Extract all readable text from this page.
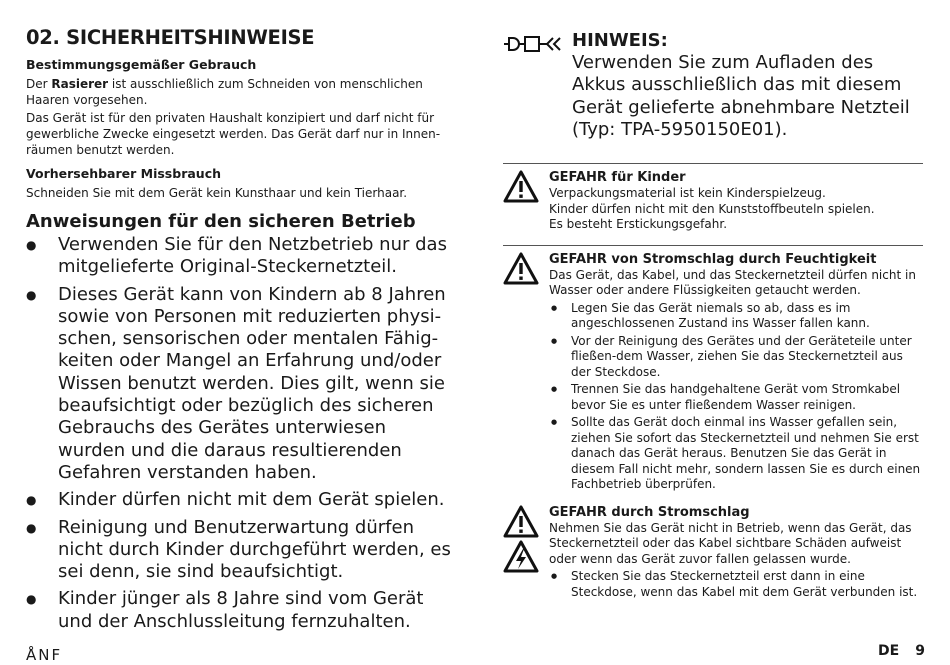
02. SICHERHEITSHINWEISE
Bestimmungsgemäßer Gebrauch
Der Rasierer ist ausschließlich zum Schneiden von menschlichen Haaren vorgesehen.
Das Gerät ist für den privaten Haushalt konzipiert und darf nicht für gewerbliche Zwecke eingesetzt werden. Das Gerät darf nur in Innen-räumen benutzt werden.
Vorhersehbarer Missbrauch
Schneiden Sie mit dem Gerät kein Kunsthaar und kein Tierhaar.
Anweisungen für den sicheren Betrieb
● Verwenden Sie für den Netzbetrieb nur das mitgelieferte Original-Steckernetzteil.
● Dieses Gerät kann von Kindern ab 8 Jahren sowie von Personen mit reduzierten physi-schen, sensorischen oder mentalen Fähig-keiten oder Mangel an Erfahrung und/oder Wissen benutzt werden. Dies gilt, wenn sie beaufsichtigt oder bezüglich des sicheren Gebrauchs des Gerätes unterwiesen wurden und die daraus resultierenden Gefahren verstanden haben.
● Kinder dürfen nicht mit dem Gerät spielen.
● Reinigung und Benutzerwartung dürfen nicht durch Kinder durchgeführt werden, es sei denn, sie sind beaufsichtigt.
● Kinder jünger als 8 Jahre sind vom Gerät und der Anschlussleitung fernzuhalten.
HINWEIS:
Verwenden Sie zum Aufladen des Akkus ausschließlich das mit diesem Gerät gelieferte abnehmbare Netzteil (Typ: TPA-5950150E01).
GEFAHR für Kinder
Verpackungsmaterial ist kein Kinderspielzeug.
Kinder dürfen nicht mit den Kunststoffbeuteln spielen.
Es besteht Erstickungsgefahr.
GEFAHR von Stromschlag durch Feuchtigkeit
Das Gerät, das Kabel, und das Steckernetzteil dürfen nicht in Wasser oder andere Flüssigkeiten getaucht werden.
● Legen Sie das Gerät niemals so ab, dass es im angeschlossenen Zustand ins Wasser fallen kann.
● Vor der Reinigung des Gerätes und der Geräteteile unter fließen-dem Wasser, ziehen Sie das Steckernetzteil aus der Steckdose.
● Trennen Sie das handgehaltene Gerät vom Stromkabel bevor Sie es unter fließendem Wasser reinigen.
● Sollte das Gerät doch einmal ins Wasser gefallen sein, ziehen Sie sofort das Steckernetzteil und nehmen Sie erst danach das Gerät heraus. Benutzen Sie das Gerät in diesem Fall nicht mehr, sondern lassen Sie es durch einen Fachbetrieb überprüfen.
GEFAHR durch Stromschlag
Nehmen Sie das Gerät nicht in Betrieb, wenn das Gerät, das Steckernetzteil oder das Kabel sichtbare Schäden aufweist oder wenn das Gerät zuvor fallen gelassen wurde.
● Stecken Sie das Steckernetzteil erst dann in eine Steckdose, wenn das Kabel mit dem Gerät verbunden ist.
ÅNF	DE 9
